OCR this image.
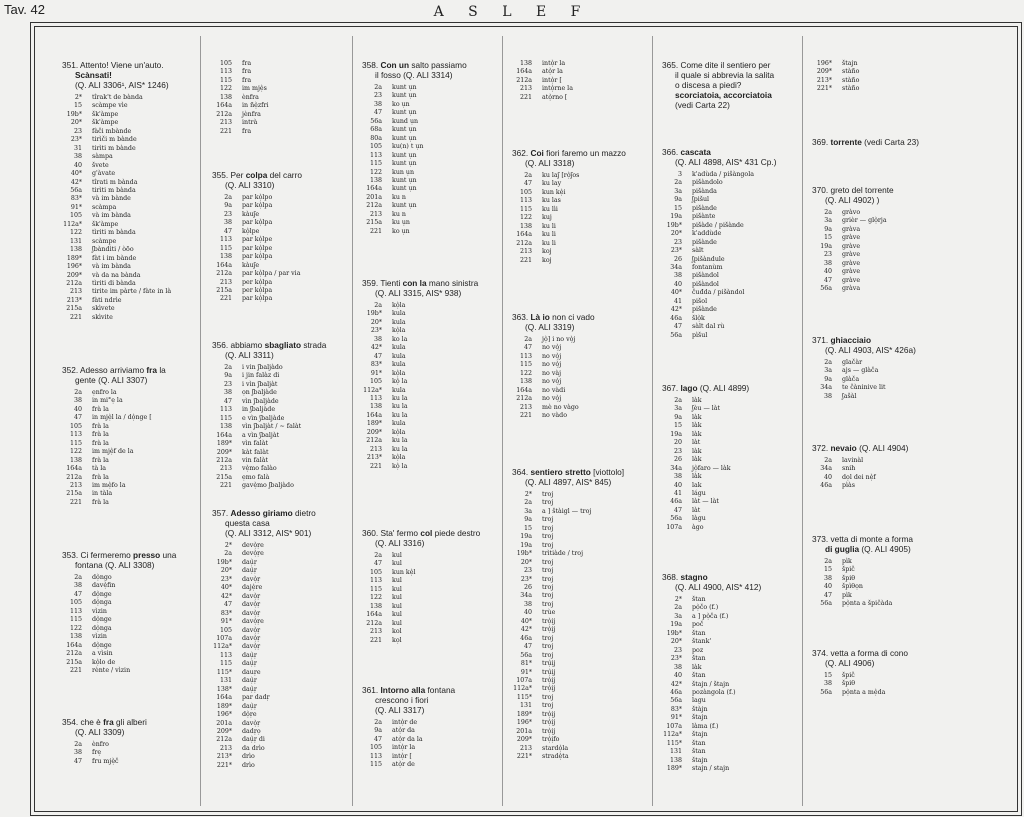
Tav. 42	A S L E F
351. Attento! Viene un'auto.
Scànsati!
(Q. ALI 3306¹, AIS* 1246)
2*	tîrak't de bànda
15	scàmpe vìe
19b*	šk'àmpe
20*	šk'àmpe
23	fàči mbànde
23*	tirìči m bànde
31	tirìti m bànde
38	sàmpa
40	švete
40*	g'àvate
42*	tîrati m bànda
56a	tirìti m bànda
83*	và im bànde
91*	scàmpa
105	và im bànda
112a*	šk'àmpe
122	tìriti m bànda
131	scàmpe
138	ʃbàndìti / òõo
189*	fàt i im bànde
196*	và im bànda
209*	và da na bànda
212a	tìriti di bànda
213	tirite im pàrte / fàte in là
213*	fàti ndrìe
215a	skìvete
221	skìvite
352. Adesso arriviamo fra la
gente (Q. ALI 3307)
2a	ẹnfro la
38	in mi°ẹ la
40	frà la
47	in mjẹ̀l la / dọ̀nge [
105	frà la
113	frà la
115	frà la
122	im mjẹ̀f de la
138	frà la
164a	tà la
212a	frà la
213	im mẹ̀fo la
215a	in tàla
221	frà la
353. Ci fermeremo presso una
fontana (Q. ALI 3308)
2a	dọ̀ngo
38	davẹ̀fin
47	dọ̀nge
105	dọ̀nga
113	vìzin
115	dọ̀nge
122	dọ̀nga
138	vìzin
164a	dọ̀nge
212a	a vìsin
215a	kọ̀lo de
221	rènte / vìzin
354. che è fra gli alberi
(Q. ALI 3309)
2a	ènfro
38	frẹ
47	fru mjẹ̀č
105	fra
113	fra
115	fra
122	im mjẹ̀s
138	ènfra
164a	in ñẹ̀zfri
212a	jènfra
213	intrà
221	fra
355. Per colpa del carro
(Q. ALI 3310)
2a	par kọ̀lpo
9a	par kọ̀lpa
23	kàuʃe
38	par kọ̀lpa
47	kọ̀lpe
113	par kọ̀lpe
115	par kọ̀lpe
138	par kọ̀lpa
164a	kàuʃe
212a	par kọ̀lpa / par via
213	per kọ̀lpa
215a	per kọ̀lpa
221	par kọ̀lpa
356. abbiamo sbagliato strada
(Q. ALI 3311)
2a	i vin ʃbaljàdo
9a	i jin falàz di
23	i vìn ʃbaljàt
38	ọn ʃbaljàde
47	vìn ʃbaljàde
113	in ʃbaljàde
115	e vìn ʃbaljàde
138	vìn ʃbaljàt / ∼ falàt
164a	a vìn ʃbaljàt
189*	vìn falàt
209*	kàt falàt
212a	vin falàt
213	vẹ̀mo falào
215a	ẹmo falà
221	gavẹ̀mo ʃbaljàdo
357. Adesso giriamo dietro
questa casa
(Q. ALI 3312, AIS* 901)
2*	devọ̀ṛe
2a	devọ̀ṛe
19b*	daụ̀ṛ
20*	daụ̀ṛ
23*	davọ̀ṛ
40*	dajẹ̀re
42*	davọ̀ṛ
47	davọ̀ṛ
83*	davọ̀ṛ
91*	davọ̀ṛe
105	davọ̀ṛ
107a	davọ̀ṛ
112a*	davọ̀ṛ
113	daụ̀ṛ
115	daụ̀ṛ
115*	dauṛe
131	daụ̀ṛ
138*	daụ̀ṛ
164a	par dadṛ
189*	daụ̀ṛ
196*	dọ̀ṛe
201a	davọ̀ṛ
209*	dadṛọ
212a	daụ̀ṛ di
213	da drìo
213*	drìo
221*	drìo
358. Con un salto passiamo
il fosso (Q. ALI 3314)
2a	kunt ụn
23	kunt ụn
38	ko ụn
47	kunt ụn
56a	kund ụn
68a	kunt ụn
80a	kunt ụn
105	ku(n) t ụn
113	kunt ụn
115	kunt ụn
122	kun ụn
138	kunt ụn
164a	kunt ụn
201a	ku n
212a	kunt ụn
213	ku n
215a	ku ụn
221	ko ụn
359. Tienti con la mano sinistra
(Q. ALI 3315, AIS* 938)
2a	kọ̀la
19b*	kula
20*	kula
23*	kọ̀la
38	ko la
42*	kula
47	kula
83*	kula
91*	kọ̀la
105	kọ̀ la
112a*	kula
113	ku la
138	ku la
164a	ku la
189*	kula
209*	kọ̀la
212a	ku la
213	ku la
213*	kọ̀la
221	kọ̀ la
360. Sta' fermo col piede destro
(Q. ALI 3316)
2a	kul
47	kul
105	kun kẹ̀l
113	kul
115	kul
122	kul
138	kul
164a	kul
212a	kul
213	kol
221	kọl
361. Intorno alla fontana
crescono i fiori
(Q. ALI 3317)
2a	intọ̀r de
9a	atọ̀r da
47	atọ̀r da la
105	intọ̀r la
113	intọ̀r [
115	atọ̀r de
138	intọ̀r la
164a	atọ̀r la
212a	intọ̀r [
213	intọ̀rne la
221	atọ̀rno [
362. Coi fiori faremo un mazzo
(Q. ALI 3318)
2a	ku laʃ [rọ̀ʃos
47	ku lay
105	kun kẹ̀i
113	ku las
115	ku lìi
122	kuj
138	ku li
164a	ku li
212a	ku li
213	koj
221	koj
363. Là io non ci vado
(Q. ALI 3319)
2a	jọ̀] i no vọ̀j
47	no vọ̀j
113	no vọ̀j
115	no vọ̀j
122	no vàj
138	no vọ̀j
164a	no vàdi
212a	no vọ̀j
213	mè no vàgo
221	no vàdo
364. sentiero stretto [viottolo]
(Q. ALI 4897, AIS* 845)
2*	troj
2a	troj
3a	a ] štàigl — troj
9a	troj
15	troj
19a	troj
19a	troj
19b*	trìtiàde / troj
20*	troj
23	troj
23*	troj
26	troj
34a	troj
38	troj
40	trùe
40*	trọ̀ịj
42*	trọ̀ịj
46a	troj
47	troj
56a	troj
81*	trụ̀ịj
91*	trụ̀ịj
107a	trọ̀ịj
112a*	trọ̀ịj
115*	troj
131	troj
189*	trọ̀ịj
196*	trọ̀ịj
201a	trọ̀ịj
209*	trọ̀ịfo
213	stardọ̀la
221*	stradẹ̀ta
365. Come dite il sentiero per
il quale si abbrevia la salita
o discesa a piedi?
scorciatoia, accorciatoia
(vedi Carta 22)
366. cascata
(Q. ALI 4898, AIS* 431 Cp.)
3	k'adùda / pišàngola
2a	pišàndolo
3a	pišànda
9a	ʃpišul
15	pišànde
19a	pišànte
19b*	pišàde / pišànde
20*	k'addùde
23	pišànde
23*	sàlt
26	ʃpišàndule
34a	fontanùm
38	pišàndol
40	pišàndol
40*	čuđda / pišàndol
41	pišol
42*	pišànde
46a	šlọ̀k
47	sàlt dal rù
56a	pìšul
367. lago (Q. ALI 4899)
2a	làk
3a	ʃèu — làt
9a	làk
15	làk
19a	làk
20	làt
23	làk
26	làk
34a	jọ̀faro — làk
38	làk
40	lak
41	lágu
46a	làt — làt
47	làt
56a	làgu
107a	àgo
368. stagno
(Q. ALI 4900, AIS* 412)
2*	štan
2a	pọ̀čo (f.)
3a	a ] pọ̀ča (f.)
19a	poč
19b*	štan
20*	štank'
23	poz
23*	štan
38	làk
40	štan
42*	štajn / štajn
46a	pozàngola (f.)
56a	lagu
83*	štàjn
91*	štajn
107a	làma (f.)
112a*	štajn
115*	štan
131	štan
138	štajn
189*	stajn / stajn
196*	štajn
209*	stàño
213*	stàño
221*	stàño
369. torrente (vedi Carta 23)
370. greto del torrente
(Q. ALI 4902) )
2a	gràvo
3a	grièr — glọ̀rja
9a	gràva
15	gràve
19a	gràve
23	gràve
38	gràve
40	gràve
47	gràve
56a	gràva
371. ghiacciaio
(Q. ALI 4903, AIS* 426a)
2a	glačàr
3a	ajs — glàča
9a	glàča
34a	te čàninive lit
38	ʃašàl
372. nevaio (Q. ALI 4904)
2a	lavinàl
34a	snih
40	dọl dei nẹ̀f
46a	pìàs
373. vetta di monte a forma
di guglia (Q. ALI 4905)
2a	pìk
15	špič
38	špiθ
40	špìθọn
47	pìk
56a	pọ̀nta a špičàda
374. vetta a forma di cono
(Q. ALI 4906)
15	špič
38	špiθ
56a	pọ̀nta a mẹ̀da
